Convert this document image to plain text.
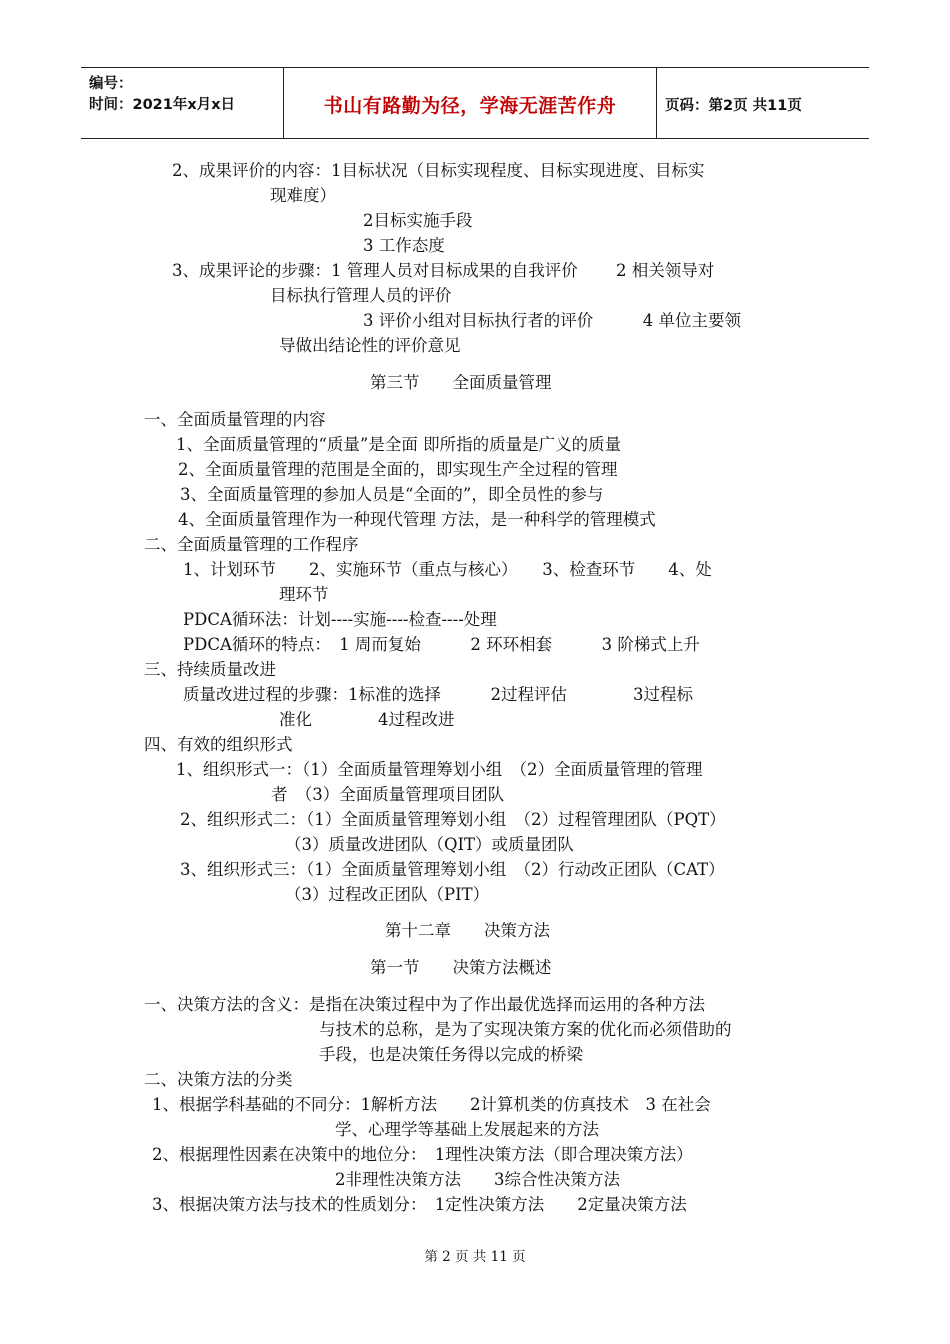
编号：
时间：2021年x月x日	书山有路勤为径，学海无涯苦作舟	页码：第2页 共11页
2、成果评价的内容：1目标状况（目标实现程度、目标实现进度、目标实
现难度）
2目标实施手段
3 工作态度
3、成果评论的步骤：1 管理人员对目标成果的自我评价　　 2 相关领导对
目标执行管理人员的评价
3 评价小组对目标执行者的评价　　　4 单位主要领
导做出结论性的评价意见
第三节　　全面质量管理
一、全面质量管理的内容
1、全面质量管理的“质量”是全面 即所指的质量是广义的质量
2、全面质量管理的范围是全面的，即实现生产全过程的管理
3、全面质量管理的参加人员是“全面的”，即全员性的参与
4、全面质量管理作为一种现代管理 方法，是一种科学的管理模式
二、全面质量管理的工作程序
1、计划环节　　2、实施环节（重点与核心）　　3、检查环节　　4、处
理环节
PDCA循环法：计划----实施----检查----处理
PDCA循环的特点：　1 周而复始　　　2 环环相套　　　3 阶梯式上升
三、持续质量改进
质量改进过程的步骤：1标准的选择　　　2过程评估　　　　3过程标
准化　　　　4过程改进
四、有效的组织形式
1、组织形式一：（1）全面质量管理筹划小组　（2）全面质量管理的管理
者　（3）全面质量管理项目团队
2、组织形式二：（1）全面质量管理筹划小组　（2）过程管理团队（PQT）
（3）质量改进团队（QIT）或质量团队
3、组织形式三：（1）全面质量管理筹划小组　（2）行动改正团队（CAT）
（3）过程改正团队（PIT）
第十二章　　决策方法
第一节　　决策方法概述
一、决策方法的含义：是指在决策过程中为了作出最优选择而运用的各种方法
与技术的总称，是为了实现决策方案的优化而必须借助的
手段，也是决策任务得以完成的桥梁
二、决策方法的分类
1、根据学科基础的不同分：1解析方法　　2计算机类的仿真技术　3 在社会
学、心理学等基础上发展起来的方法
2、根据理性因素在决策中的地位分：　1理性决策方法（即合理决策方法）
2非理性决策方法　　3综合性决策方法
3、根据决策方法与技术的性质划分：　1定性决策方法　　2定量决策方法
第 2 页 共 11 页
